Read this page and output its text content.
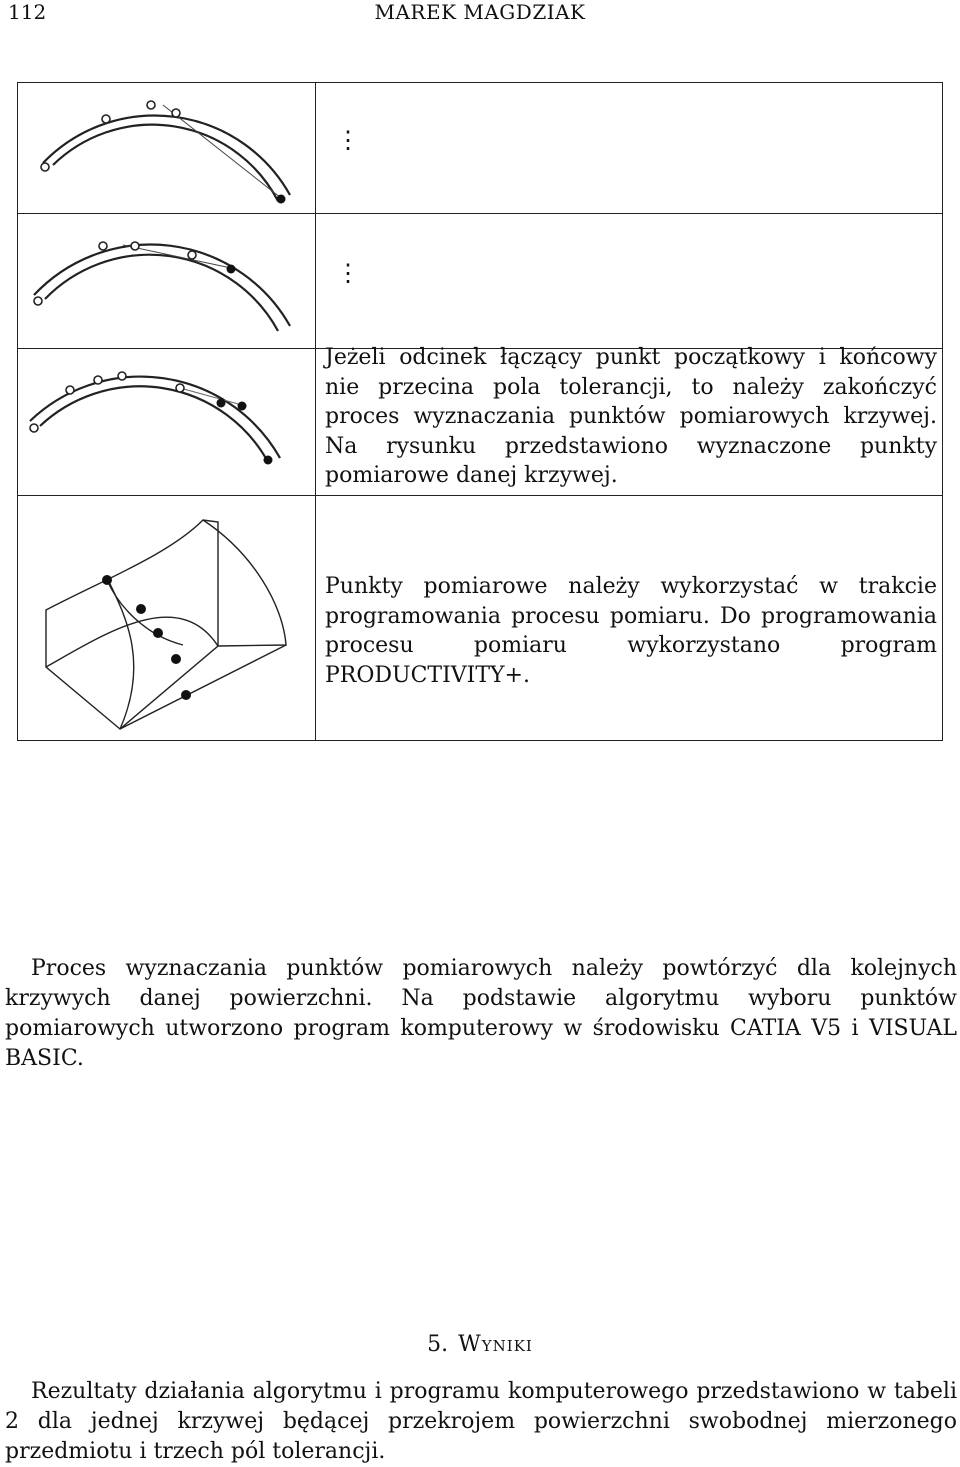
112	MAREK MAGDZIAK
⋮
⋮
Jeżeli odcinek łączący punkt początkowy i końcowy nie przecina pola tolerancji, to należy zakończyć proces wyznaczania punktów pomiarowych krzywej. Na rysunku przedstawiono wyznaczone punkty pomiarowe danej krzywej.
Punkty pomiarowe należy wykorzystać w trakcie programowania procesu pomiaru. Do programowania procesu pomiaru wykorzystano program PRODUCTIVITY+.
Proces wyznaczania punktów pomiarowych należy powtórzyć dla kolejnych krzywych danej powierzchni. Na podstawie algorytmu wyboru punktów pomiarowych utworzono program komputerowy w środowisku CATIA V5 i VISUAL BASIC.
5. Wyniki
Rezultaty działania algorytmu i programu komputerowego przedstawiono w tabeli 2 dla jednej krzywej będącej przekrojem powierzchni swobodnej mierzonego przedmiotu i trzech pól tolerancji.
